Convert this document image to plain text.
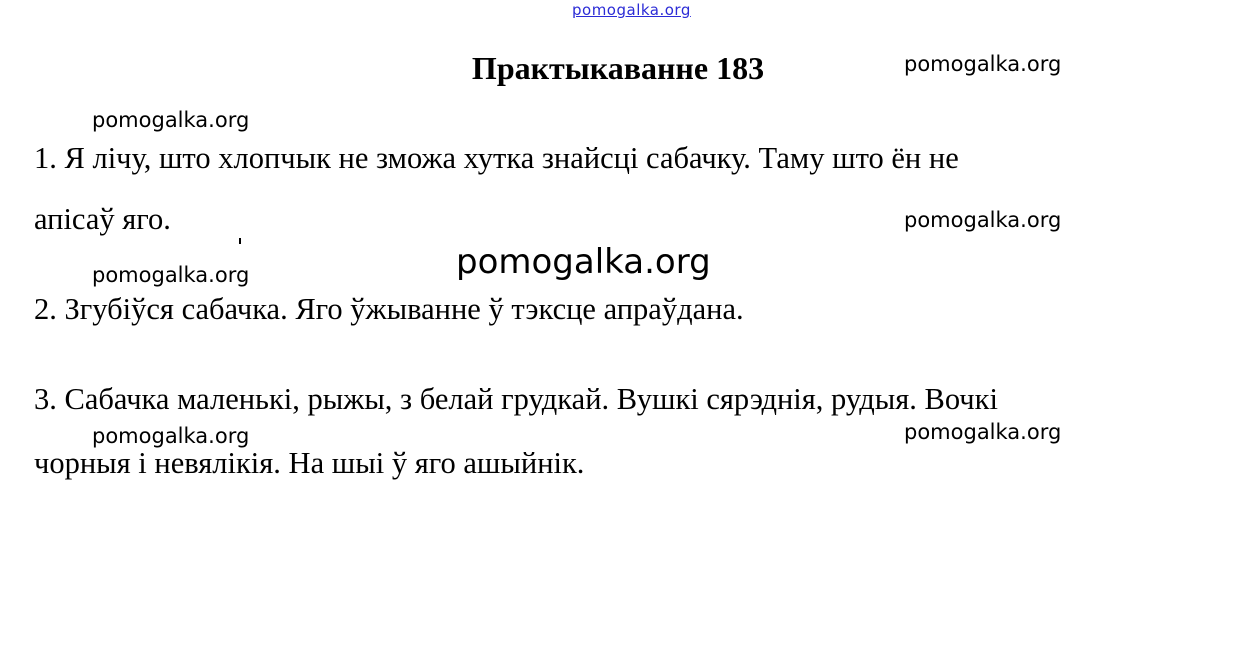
pomogalka.org
Практыкаванне 183	pomogalka.org
pomogalka.org
1. Я лічу, што хлопчык не зможа хутка знайсці сабачку. Таму што ён не
апісаў яго.	pomogalka.org
pomogalka.org
pomogalka.org
2. Згубіўся сабачка. Яго ўжыванне ў тэксце апраўдана.
3. Сабачка маленькі, рыжы, з белай грудкай. Вушкі сярэднія, рудыя. Вочкі
pomogalka.org	pomogalka.org
чорныя і невялікія. На шыі ў яго ашыйнік.
